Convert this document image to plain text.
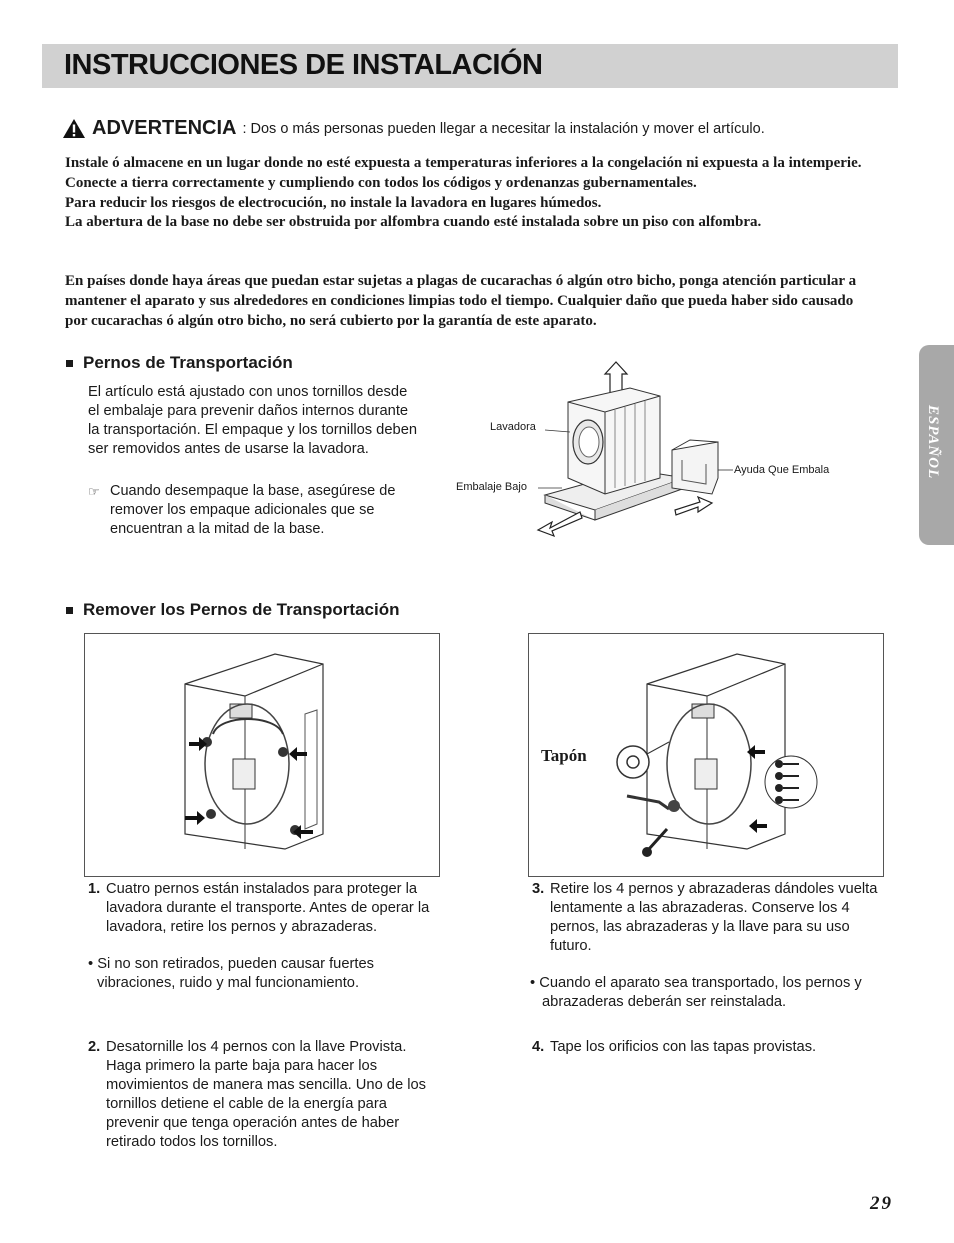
INSTRUCCIONES DE INSTALACIÓN
ESPAÑOL
ADVERTENCIA : Dos o más personas pueden llegar a necesitar la instalación y mover el artículo.

Instale ó almacene en un lugar donde no esté expuesta a temperaturas inferiores a la congelación ni expuesta a la intemperie.

Conecte a tierra correctamente y cumpliendo con todos los códigos y ordenanzas gubernamentales.

Para reducir los riesgos de electrocución, no instale la lavadora en lugares húmedos.

La abertura de la base no debe ser obstruida por alfombra cuando esté instalada sobre un piso con alfombra.

En países donde haya áreas que puedan estar sujetas a plagas de cucarachas ó algún otro bicho, ponga atención particular a mantener el aparato y sus alrededores en condiciones limpias todo el tiempo. Cualquier daño que pueda haber sido causado por cucarachas ó algún otro bicho, no será cubierto por la garantía de este aparato.

Pernos de Transportación
El artículo está ajustado con unos tornillos desde el embalaje para prevenir daños internos durante la transportación. El empaque y los tornillos deben ser removidos antes de usarse la lavadora.
☞ Cuando desempaque la base, asegúrese de remover los empaque adicionales que se encuentran a la mitad de la base.
Lavadora
Embalaje Bajo
Ayuda Que Embala
Remover los Pernos de Transportación
Tapón
1. Cuatro pernos están instalados para proteger la lavadora durante el transporte. Antes de operar la lavadora, retire los pernos y abrazaderas.
• Si no son retirados, pueden causar fuertes vibraciones, ruido y mal funcionamiento.
2. Desatornille los 4 pernos con la llave Provista. Haga primero la parte baja para hacer los movimientos de manera mas sencilla. Uno de los tornillos detiene el cable de la energía para prevenir que tenga operación antes de haber retirado todos los tornillos.
3. Retire los 4 pernos y abrazaderas dándoles vuelta lentamente a las abrazaderas. Conserve los 4 pernos, las abrazaderas y la llave para su uso futuro.
• Cuando el aparato sea transportado, los pernos y abrazaderas deberán ser reinstalada.
4. Tape los orificios con las tapas provistas.
29
